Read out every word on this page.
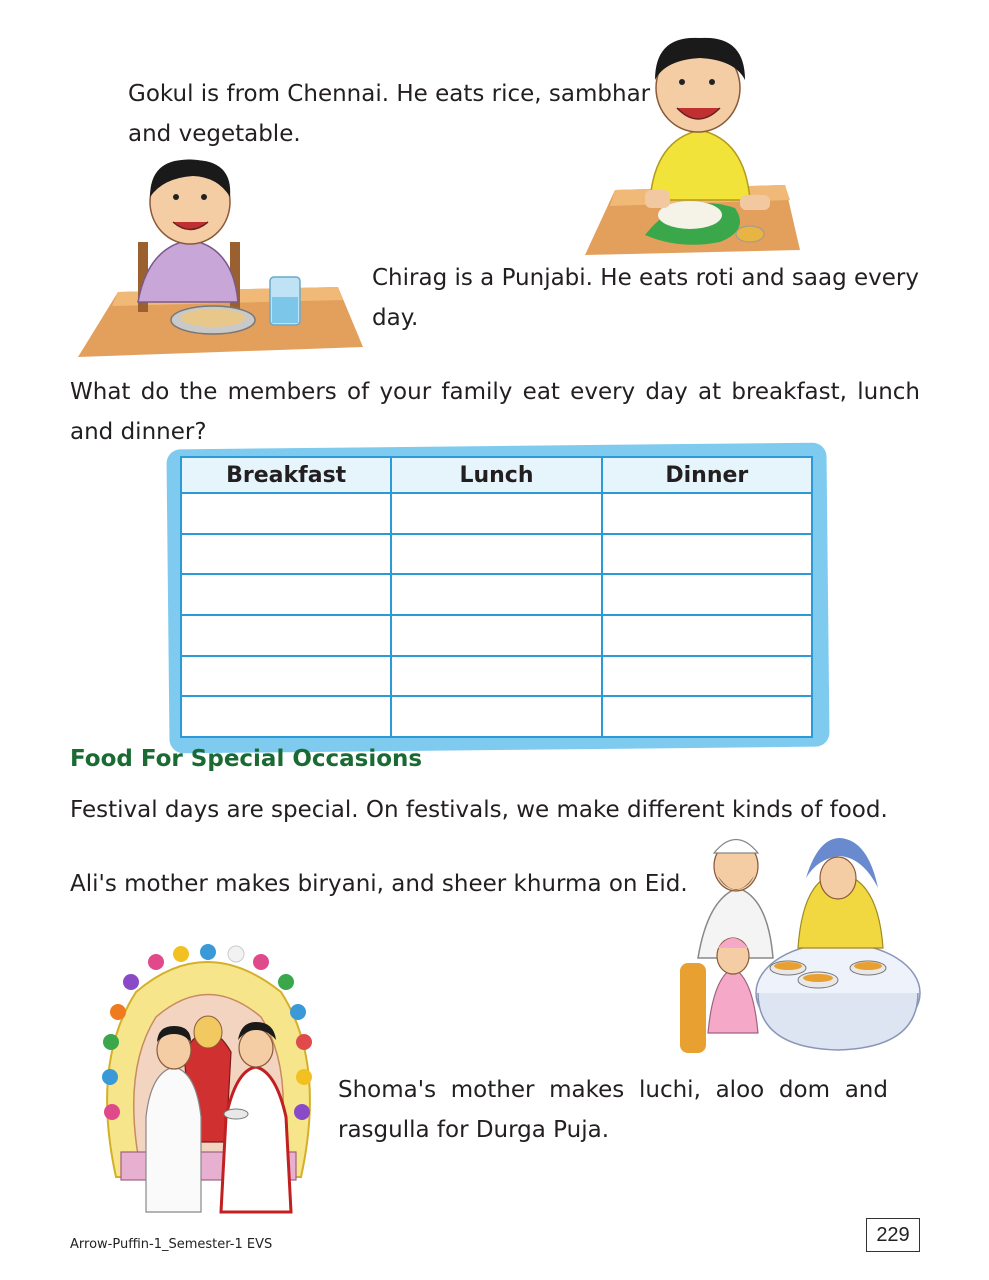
Gokul is from Chennai. He eats rice, sambhar and vegetable.
Chirag is a Punjabi. He eats roti and saag every day.
What do the members of your family eat every day at breakfast, lunch and dinner?
Breakfast	Lunch	Dinner

Food For Special Occasions
Festival days are special. On festivals, we make different kinds of food.
Ali's mother makes biryani, and sheer khurma on Eid.
Shoma's mother makes luchi, aloo dom and rasgulla for Durga Puja.
Arrow-Puffin-1_Semester-1 EVS	229
